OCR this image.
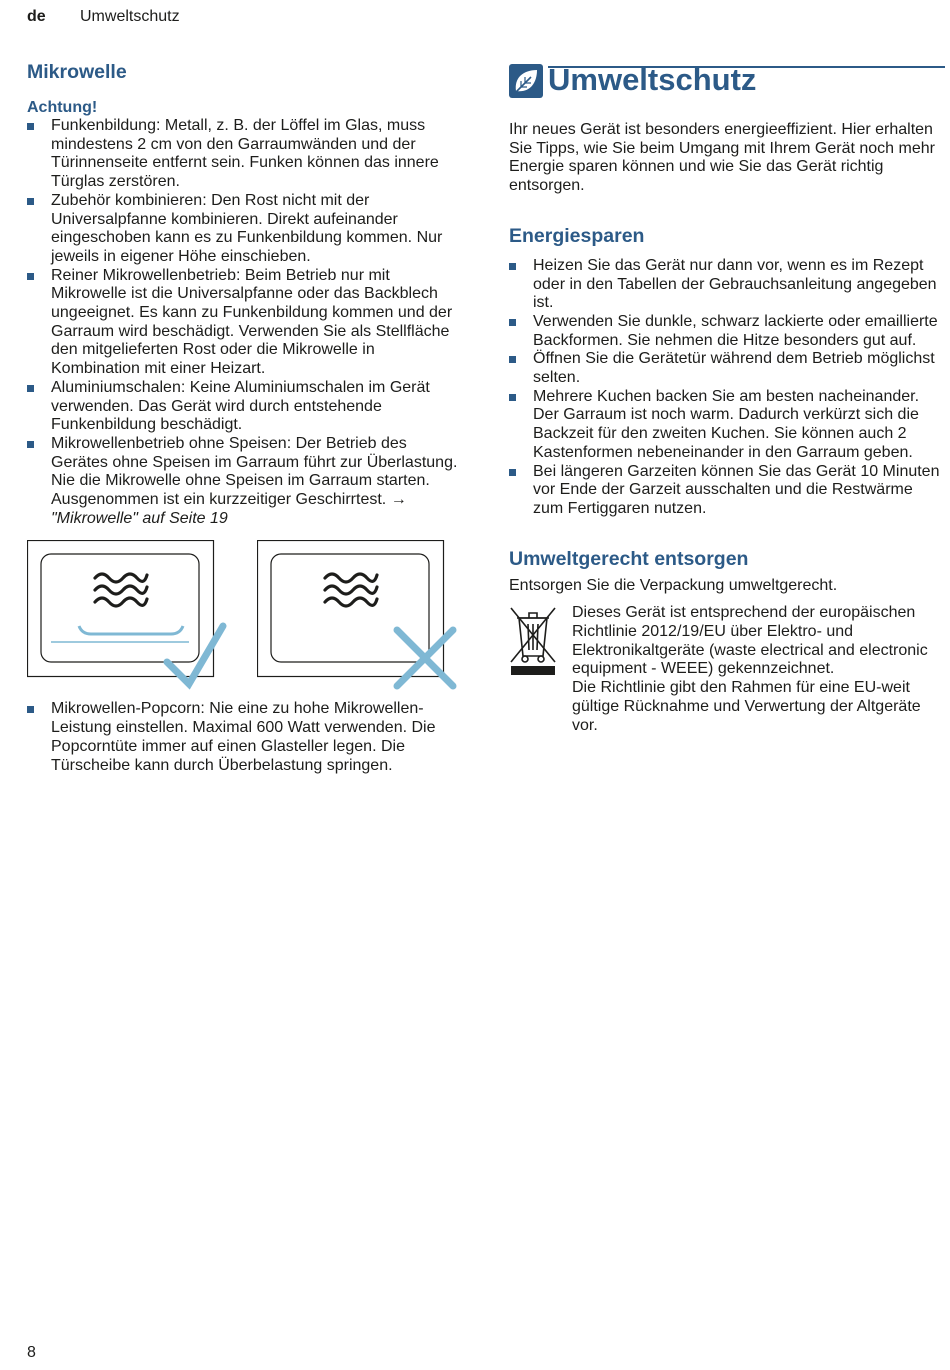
de Umweltschutz
Mikrowelle
Achtung!
Funkenbildung: Metall, z. B. der Löffel im Glas, muss mindestens 2 cm von den Garraumwänden und der Türinnenseite entfernt sein. Funken können das innere Türglas zerstören.
Zubehör kombinieren: Den Rost nicht mit der Universalpfanne kombinieren. Direkt aufeinander eingeschoben kann es zu Funkenbildung kommen. Nur jeweils in eigener Höhe einschieben.
Reiner Mikrowellenbetrieb: Beim Betrieb nur mit Mikrowelle ist die Universalpfanne oder das Backblech ungeeignet. Es kann zu Funkenbildung kommen und der Garraum wird beschädigt. Verwenden Sie als Stellfläche den mitgelieferten Rost oder die Mikrowelle in Kombination mit einer Heizart.
Aluminiumschalen: Keine Aluminiumschalen im Gerät verwenden. Das Gerät wird durch entstehende Funkenbildung beschädigt.
Mikrowellenbetrieb ohne Speisen: Der Betrieb des Gerätes ohne Speisen im Garraum führt zur Überlastung. Nie die Mikrowelle ohne Speisen im Garraum starten. Ausgenommen ist ein kurzzeitiger Geschirrtest. → "Mikrowelle" auf Seite 19
Mikrowellen-Popcorn: Nie eine zu hohe Mikrowellen-Leistung einstellen. Maximal 600 Watt verwenden. Die Popcorntüte immer auf einen Glasteller legen. Die Türscheibe kann durch Überbelastung springen.
Umweltschutz

Ihr neues Gerät ist besonders energieeffizient. Hier erhalten Sie Tipps, wie Sie beim Umgang mit Ihrem Gerät noch mehr Energie sparen können und wie Sie das Gerät richtig entsorgen.

Energiesparen
Heizen Sie das Gerät nur dann vor, wenn es im Rezept oder in den Tabellen der Gebrauchsanleitung angegeben ist.
Verwenden Sie dunkle, schwarz lackierte oder emaillierte Backformen. Sie nehmen die Hitze besonders gut auf.
Öffnen Sie die Gerätetür während dem Betrieb möglichst selten.
Mehrere Kuchen backen Sie am besten nacheinander. Der Garraum ist noch warm. Dadurch verkürzt sich die Backzeit für den zweiten Kuchen. Sie können auch 2 Kastenformen nebeneinander in den Garraum geben.
Bei längeren Garzeiten können Sie das Gerät 10 Minuten vor Ende der Garzeit ausschalten und die Restwärme zum Fertiggaren nutzen.
Umweltgerecht entsorgen

Entsorgen Sie die Verpackung umweltgerecht.

Dieses Gerät ist entsprechend der europäischen Richtlinie 2012/19/EU über Elektro- und Elektronikaltgeräte (waste electrical and electronic equipment - WEEE) gekennzeichnet.
Die Richtlinie gibt den Rahmen für eine EU-weit gültige Rücknahme und Verwertung der Altgeräte vor.
8
